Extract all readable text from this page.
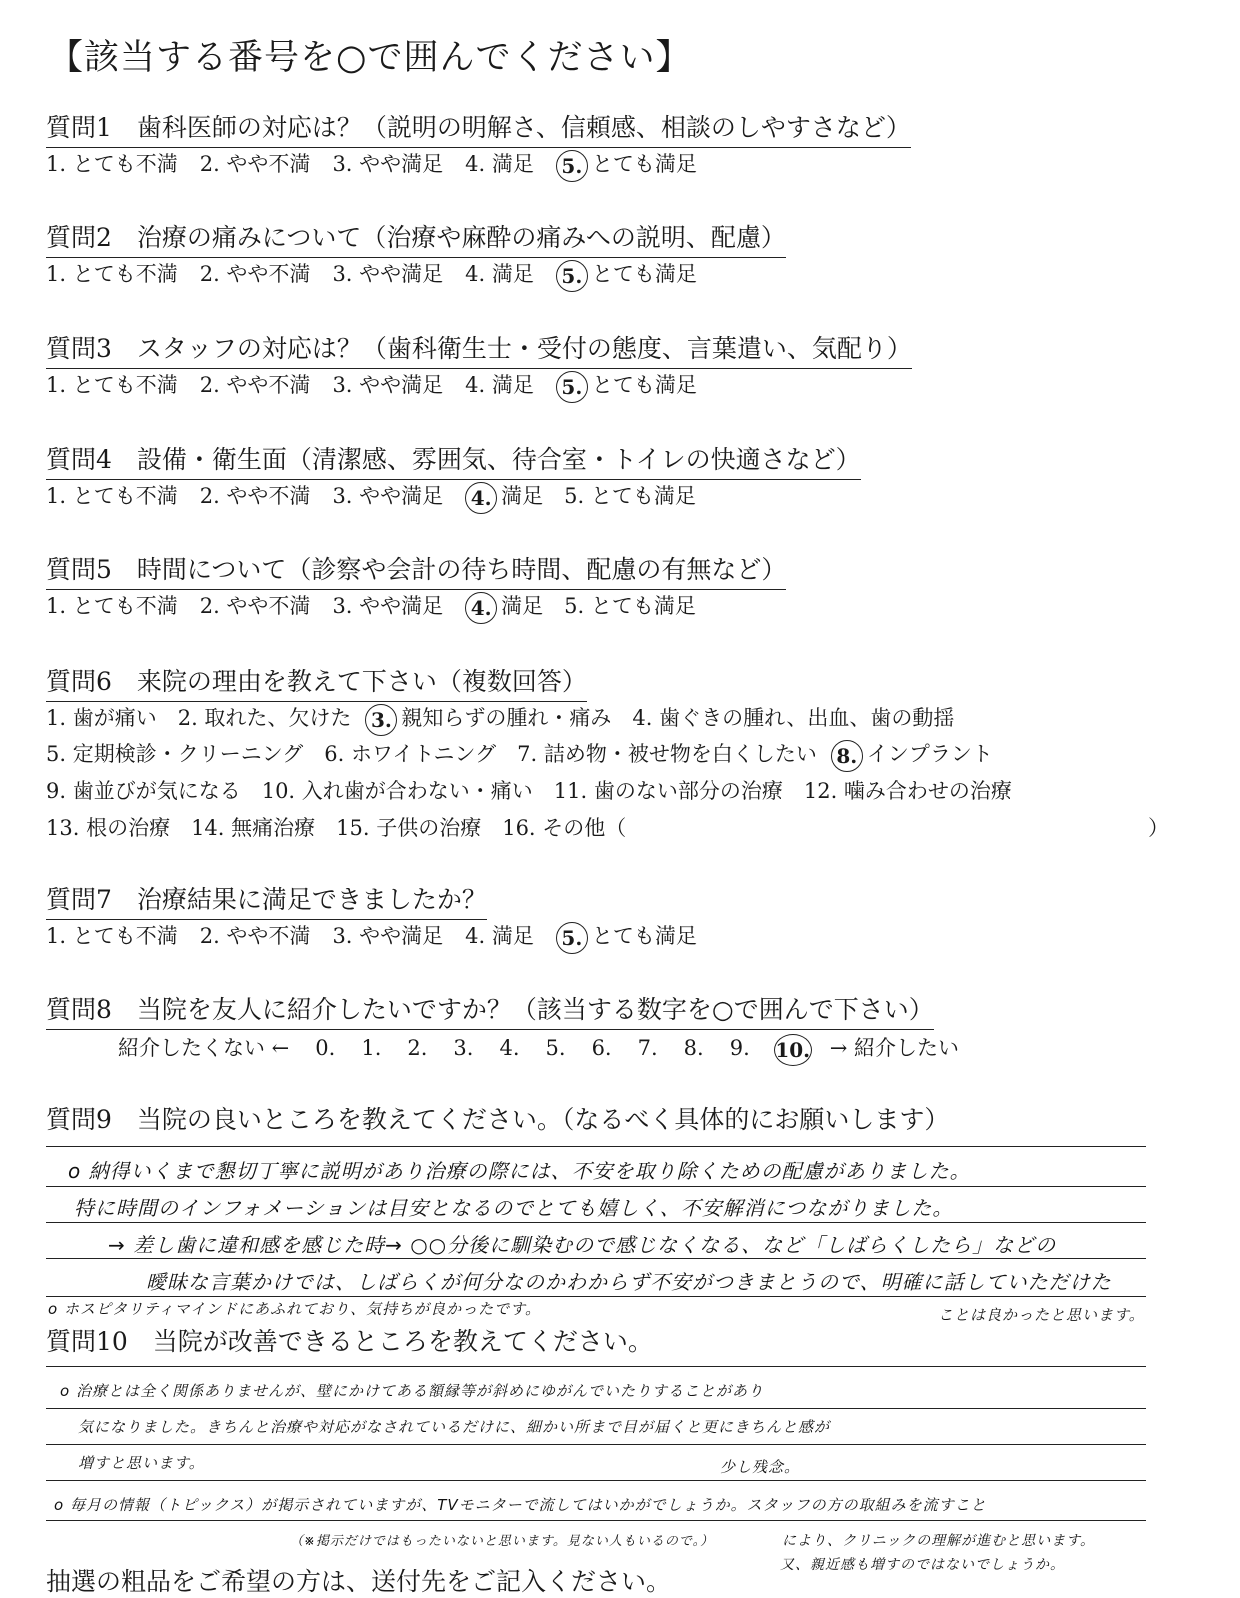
【該当する番号を○で囲んでください】
質問1　歯科医師の対応は？（説明の明解さ、信頼感、相談のしやすさなど）
1. とても不満 2. やや不満 3. やや満足 4. 満足 5. とても満足
質問2　治療の痛みについて（治療や麻酔の痛みへの説明、配慮）
1. とても不満 2. やや不満 3. やや満足 4. 満足 5. とても満足
質問3　スタッフの対応は？（歯科衛生士・受付の態度、言葉遣い、気配り）
1. とても不満 2. やや不満 3. やや満足 4. 満足 5. とても満足
質問4　設備・衛生面（清潔感、雰囲気、待合室・トイレの快適さなど）
1. とても不満 2. やや不満 3. やや満足 4. 満足　5. とても満足
質問5　時間について（診察や会計の待ち時間、配慮の有無など）
1. とても不満 2. やや不満 3. やや満足 4. 満足　5. とても満足
質問6　来院の理由を教えて下さい（複数回答）
1. 歯が痛い　2. 取れた、欠けた 3. 親知らずの腫れ・痛み　4. 歯ぐきの腫れ、出血、歯の動揺
5. 定期検診・クリーニング　6. ホワイトニング　7. 詰め物・被せ物を白くしたい 8. インプラント
9. 歯並びが気になる　10. 入れ歯が合わない・痛い　11. 歯のない部分の治療　12. 噛み合わせの治療
13. 根の治療　14. 無痛治療　15. 子供の治療　16. その他（	）
質問7　治療結果に満足できましたか？
1. とても不満 2. やや不満 3. やや満足 4. 満足 5. とても満足
質問8　当院を友人に紹介したいですか？（該当する数字を○で囲んで下さい）
紹介したくない ← 0. 1. 2. 3. 4. 5. 6. 7. 8. 9. 10. → 紹介したい
質問9　当院の良いところを教えてください。（なるべく具体的にお願いします）
o 納得いくまで懇切丁寧に説明があり治療の際には、不安を取り除くための配慮がありました。
特に時間のインフォメーションは目安となるのでとても嬉しく、不安解消につながりました。
→ 差し歯に違和感を感じた時→ ○○分後に馴染むので感じなくなる、など「しばらくしたら」などの
曖昧な言葉かけでは、しばらくが何分なのかわからず不安がつきまとうので、明確に話していただけた
o ホスピタリティマインドにあふれており、気持ちが良かったです。	ことは良かったと思います。
質問10　当院が改善できるところを教えてください。
o 治療とは全く関係ありませんが、壁にかけてある額縁等が斜めにゆがんでいたりすることがあり
気になりました。きちんと治療や対応がなされているだけに、細かい所まで目が届くと更にきちんと感が
増すと思います。	少し残念。
o 毎月の情報（トピックス）が掲示されていますが、TVモニターで流してはいかがでしょうか。スタッフの方の取組みを流すこと
（※掲示だけではもったいないと思います。見ない人もいるので。）	により、クリニックの理解が進むと思います。
又、親近感も増すのではないでしょうか。
抽選の粗品をご希望の方は、送付先をご記入ください。
